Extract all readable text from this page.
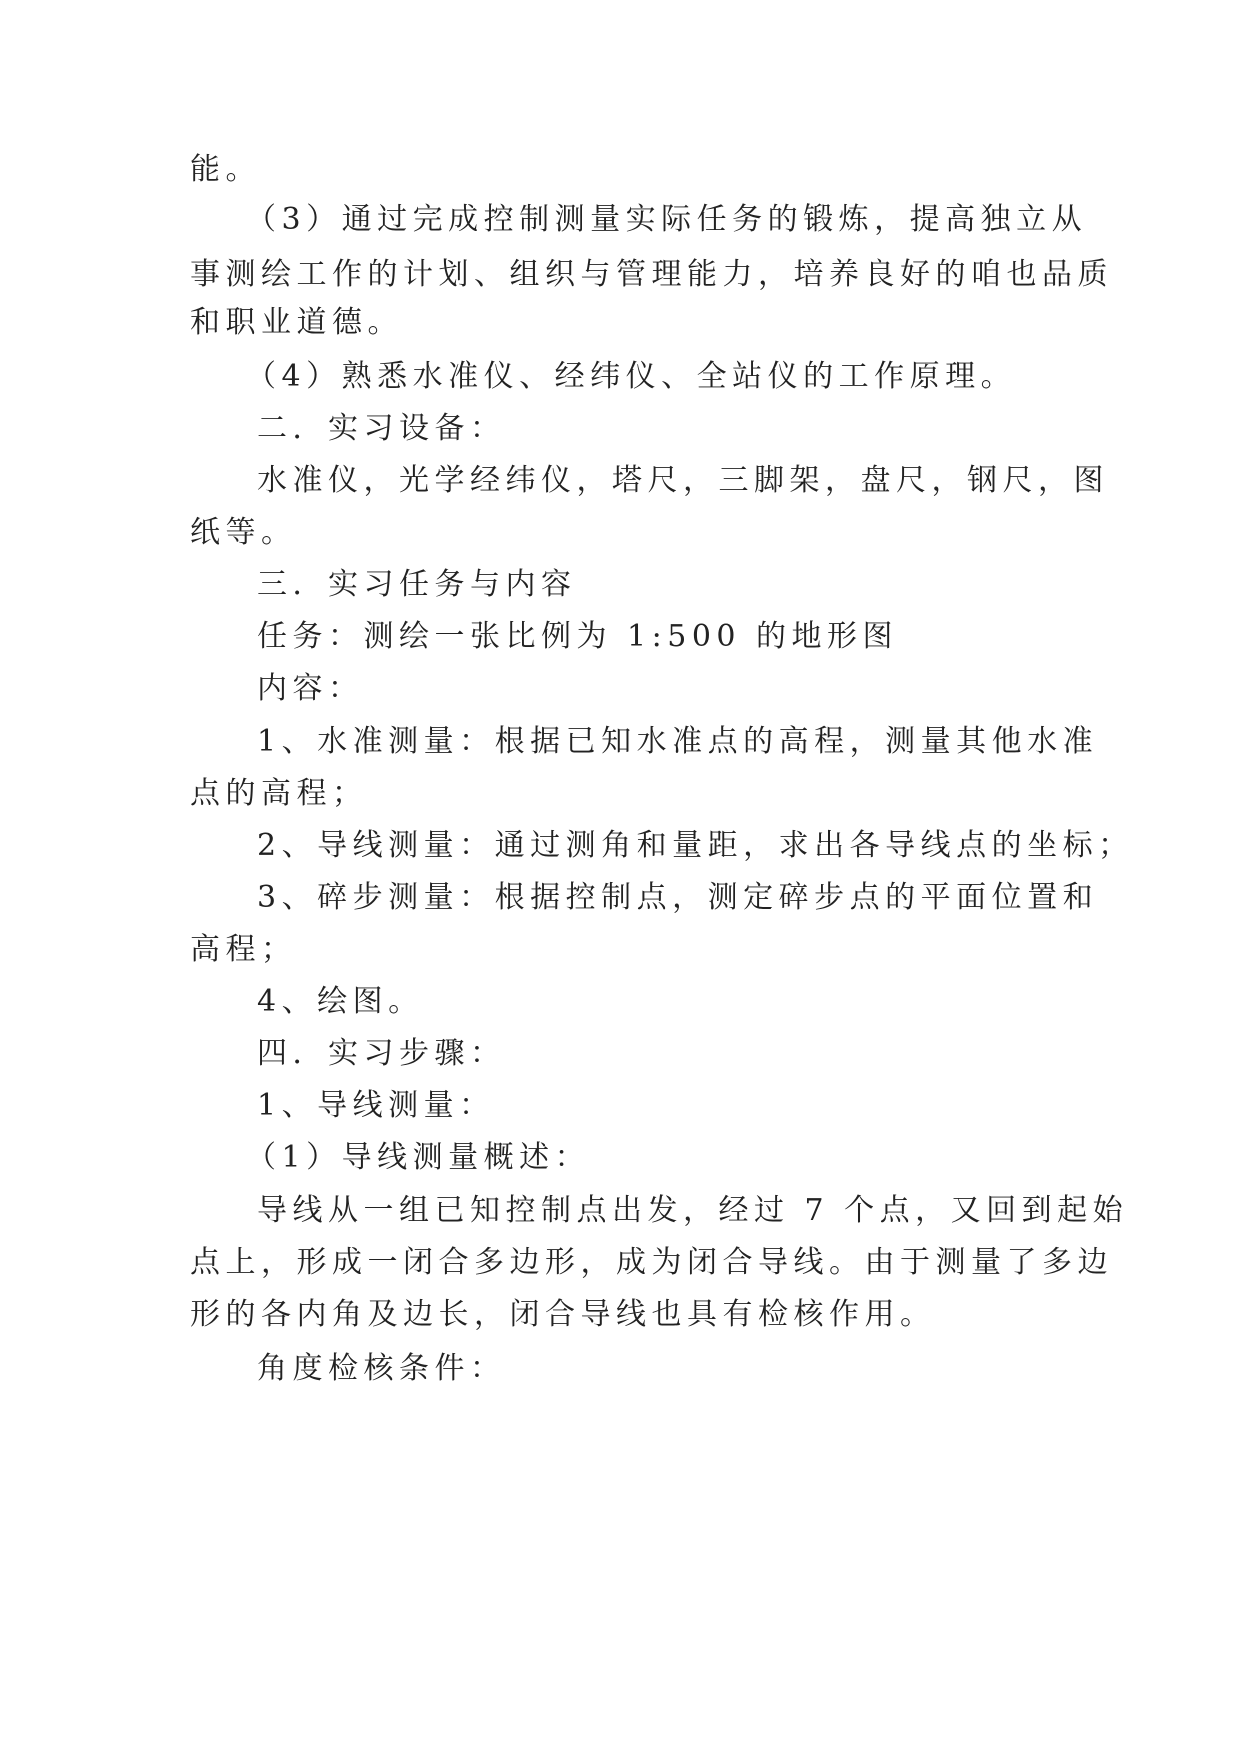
能。
（3）通过完成控制测量实际任务的锻炼，提高独立从
事测绘工作的计划、组织与管理能力，培养良好的咱也品质
和职业道德。
（4）熟悉水准仪、经纬仪、全站仪的工作原理。
二．实习设备：
水准仪，光学经纬仪，塔尺，三脚架，盘尺，钢尺，图
纸等。
三．实习任务与内容
任务：测绘一张比例为 1:500 的地形图
内容：
1、水准测量：根据已知水准点的高程，测量其他水准
点的高程；
2、导线测量：通过测角和量距，求出各导线点的坐标；
3、碎步测量：根据控制点，测定碎步点的平面位置和
高程；
4、绘图。
四．实习步骤：
1、导线测量：
（1）导线测量概述：
导线从一组已知控制点出发，经过 7 个点，又回到起始
点上，形成一闭合多边形，成为闭合导线。由于测量了多边
形的各内角及边长，闭合导线也具有检核作用。
角度检核条件：
